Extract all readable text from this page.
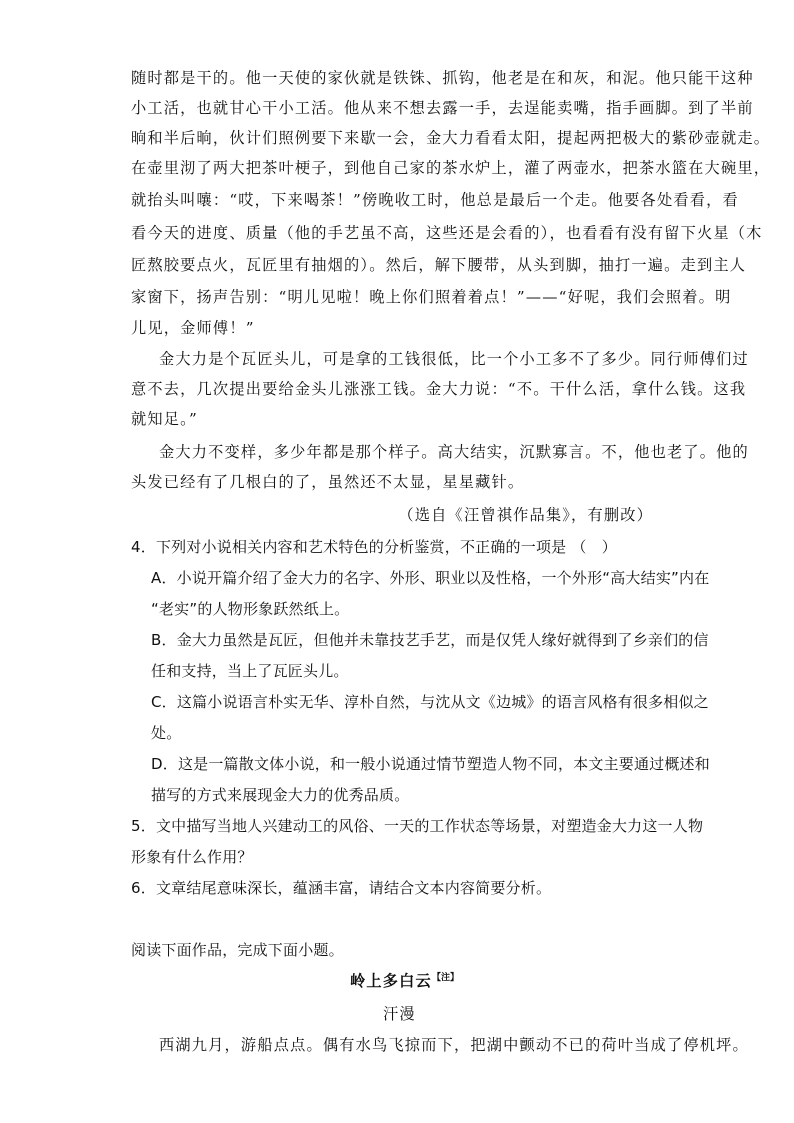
随时都是干的。他一天使的家伙就是铁铢、抓钩，他老是在和灰，和泥。他只能干这种
小工活，也就甘心干小工活。他从来不想去露一手，去逞能卖嘴，指手画脚。到了半前
晌和半后晌，伙计们照例要下来歇一会，金大力看看太阳，提起两把极大的紫砂壶就走。
在壶里沏了两大把茶叶梗子，到他自己家的茶水炉上，灌了两壶水，把茶水篮在大碗里，
就抬头叫嚷：“哎，下来喝茶！”傍晚收工时，他总是最后一个走。他要各处看看，看
看今天的进度、质量（他的手艺虽不高，这些还是会看的），也看看有没有留下火星（木
匠熬胶要点火，瓦匠里有抽烟的）。然后，解下腰带，从头到脚，抽打一遍。走到主人
家窗下，扬声告别：“明儿见啦！晚上你们照着着点！”——“好呢，我们会照着。明
儿见，金师傅！”
金大力是个瓦匠头儿，可是拿的工钱很低，比一个小工多不了多少。同行师傅们过
意不去，几次提出要给金头儿涨涨工钱。金大力说：“不。干什么活，拿什么钱。这我
就知足。”
金大力不变样，多少年都是那个样子。高大结实，沉默寡言。不，他也老了。他的
头发已经有了几根白的了，虽然还不太显，星星藏针。
（选自《汪曾祺作品集》，有删改）
4．下列对小说相关内容和艺术特色的分析鉴赏，不正确的一项是 （　）
A．小说开篇介绍了金大力的名字、外形、职业以及性格，一个外形“高大结实”内在
“老实”的人物形象跃然纸上。
B．金大力虽然是瓦匠，但他并未靠技艺手艺，而是仅凭人缘好就得到了乡亲们的信
任和支持，当上了瓦匠头儿。
C．这篇小说语言朴实无华、淳朴自然，与沈从文《边城》的语言风格有很多相似之
处。
D．这是一篇散文体小说，和一般小说通过情节塑造人物不同，本文主要通过概述和
描写的方式来展现金大力的优秀品质。
5．文中描写当地人兴建动工的风俗、一天的工作状态等场景，对塑造金大力这一人物
形象有什么作用？
6．文章结尾意味深长，蕴涵丰富，请结合文本内容简要分析。
阅读下面作品，完成下面小题。
岭上多白云$^{【注】}$
汗漫
西湖九月，游船点点。偶有水鸟飞掠而下，把湖中颤动不已的荷叶当成了停机坪。
